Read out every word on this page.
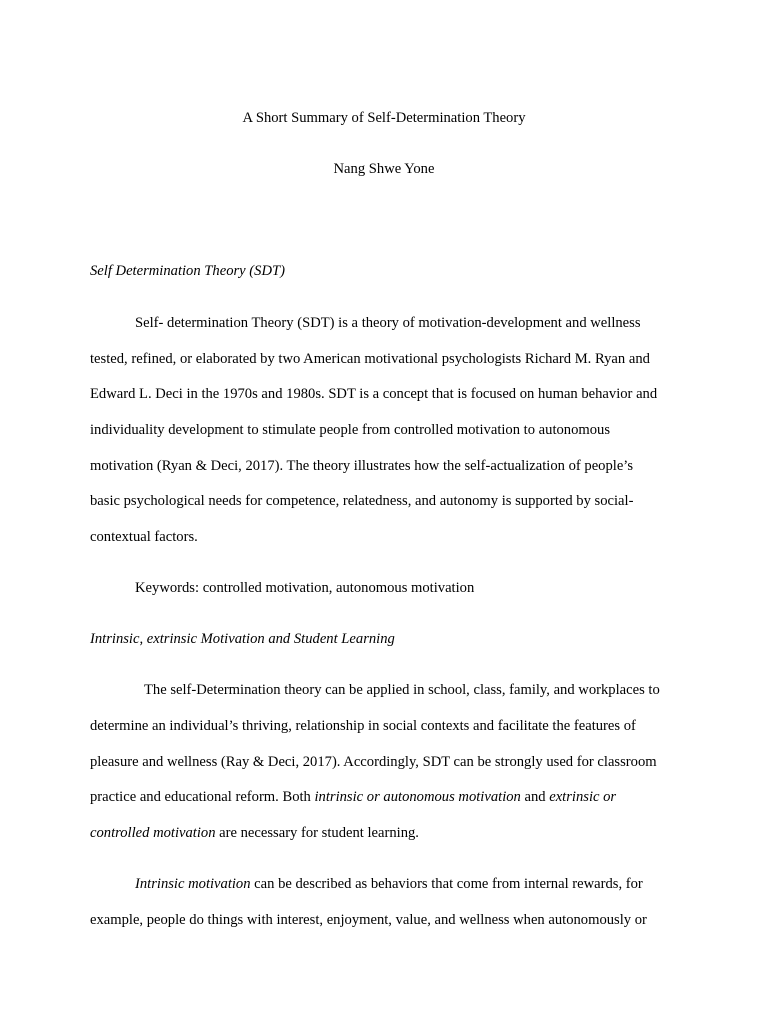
A Short Summary of Self-Determination Theory
Nang Shwe Yone
Self Determination Theory (SDT)
Self- determination Theory (SDT) is a theory of motivation-development and wellness
tested, refined, or elaborated by two American motivational psychologists Richard M. Ryan and
Edward L. Deci in the 1970s and 1980s. SDT is a concept that is focused on human behavior and
individuality development to stimulate people from controlled motivation to autonomous
motivation (Ryan & Deci, 2017). The theory illustrates how the self-actualization of people’s
basic psychological needs for competence, relatedness, and autonomy is supported by social-
contextual factors.
Keywords: controlled motivation, autonomous motivation
Intrinsic, extrinsic Motivation and Student Learning
The self-Determination theory can be applied in school, class, family, and workplaces to
determine an individual’s thriving, relationship in social contexts and facilitate the features of
pleasure and wellness (Ray & Deci, 2017). Accordingly, SDT can be strongly used for classroom
practice and educational reform. Both intrinsic or autonomous motivation and extrinsic or
controlled motivation are necessary for student learning.
Intrinsic motivation can be described as behaviors that come from internal rewards, for
example, people do things with interest, enjoyment, value, and wellness when autonomously or
